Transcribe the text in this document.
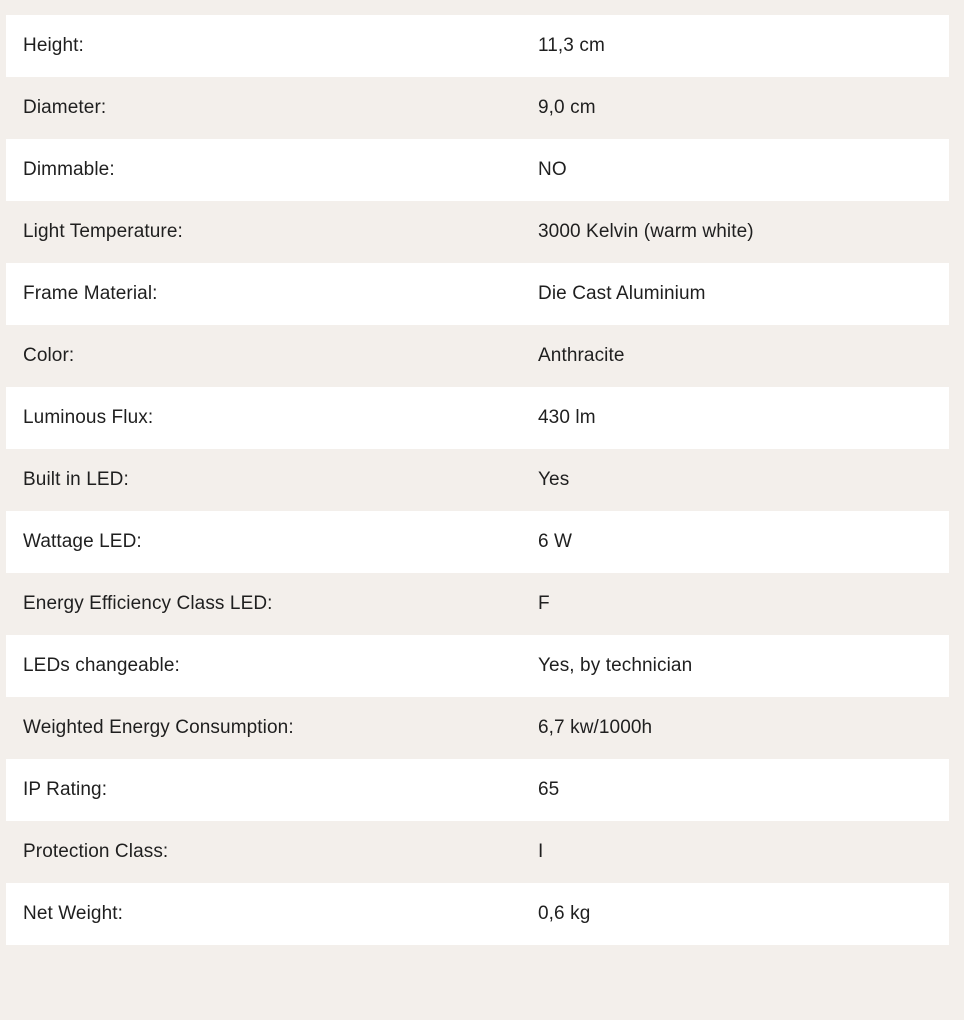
Height:	11,3 cm
Diameter:	9,0 cm
Dimmable:	NO
Light Temperature:	3000 Kelvin (warm white)
Frame Material:	Die Cast Aluminium
Color:	Anthracite
Luminous Flux:	430 lm
Built in LED:	Yes
Wattage LED:	6 W
Energy Efficiency Class LED:	F
LEDs changeable:	Yes, by technician
Weighted Energy Consumption:	6,7 kw/1000h
IP Rating:	65
Protection Class:	I
Net Weight:	0,6 kg
